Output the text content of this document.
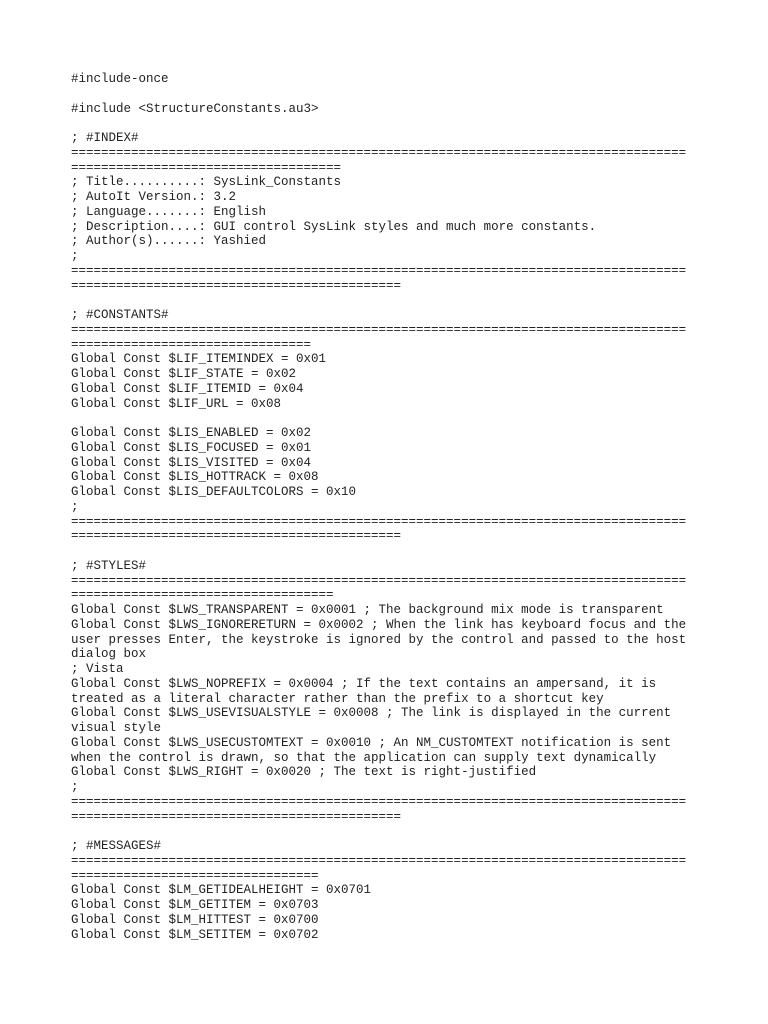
#include-once
#include <StructureConstants.au3>
; #INDEX#
==================================================================================
====================================
; Title..........: SysLink_Constants
; AutoIt Version.: 3.2
; Language.......: English
; Description....: GUI control SysLink styles and much more constants.
; Author(s)......: Yashied
;
==================================================================================
============================================
; #CONSTANTS#
==================================================================================
================================
Global Const $LIF_ITEMINDEX = 0x01
Global Const $LIF_STATE = 0x02
Global Const $LIF_ITEMID = 0x04
Global Const $LIF_URL = 0x08
Global Const $LIS_ENABLED = 0x02
Global Const $LIS_FOCUSED = 0x01
Global Const $LIS_VISITED = 0x04
Global Const $LIS_HOTTRACK = 0x08
Global Const $LIS_DEFAULTCOLORS = 0x10
;
==================================================================================
============================================
; #STYLES#
==================================================================================
===================================
Global Const $LWS_TRANSPARENT = 0x0001 ; The background mix mode is transparent
Global Const $LWS_IGNORERETURN = 0x0002 ; When the link has keyboard focus and the
user presses Enter, the keystroke is ignored by the control and passed to the host
dialog box
; Vista
Global Const $LWS_NOPREFIX = 0x0004 ; If the text contains an ampersand, it is
treated as a literal character rather than the prefix to a shortcut key
Global Const $LWS_USEVISUALSTYLE = 0x0008 ; The link is displayed in the current
visual style
Global Const $LWS_USECUSTOMTEXT = 0x0010 ; An NM_CUSTOMTEXT notification is sent
when the control is drawn, so that the application can supply text dynamically
Global Const $LWS_RIGHT = 0x0020 ; The text is right-justified
;
==================================================================================
============================================
; #MESSAGES#
==================================================================================
=================================
Global Const $LM_GETIDEALHEIGHT = 0x0701
Global Const $LM_GETITEM = 0x0703
Global Const $LM_HITTEST = 0x0700
Global Const $LM_SETITEM = 0x0702
